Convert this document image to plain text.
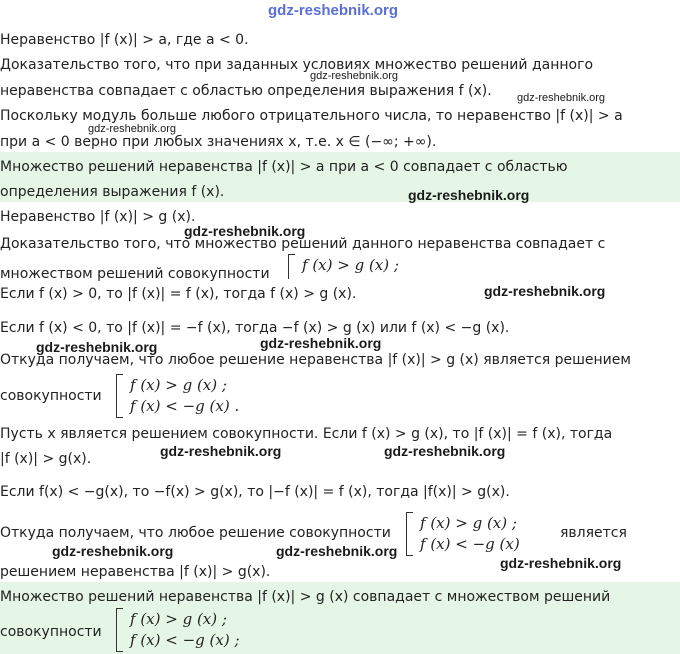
gdz-reshebnik.org
Неравенство |f (x)| > a, где a < 0.
Доказательство того, что при заданных условиях множество решений данного
неравенства совпадает с областью определения выражения f (x).
Поскольку модуль больше любого отрицательного числа, то неравенство |f (x)| > a
при a < 0 верно при любых значениях x, т.е. x ∈ (−∞; +∞).
Множество решений неравенства |f (x)| > a при a < 0 совпадает с областью
определения выражения f (x).
Неравенство |f (x)| > g (x).
Доказательство того, что множество решений данного неравенства совпадает с
множеством решений совокупности f (x) > g (x) ;
Если f (x) > 0, то |f (x)| = f (x), тогда f (x) > g (x).
Если f (x) < 0, то |f (x)| = −f (x), тогда −f (x) > g (x) или f (x) < −g (x).
Откуда получаем, что любое решение неравенства |f (x)| > g (x) является решением
совокупности
f (x) > g (x) ;
f (x) < −g (x) .
Пусть x является решением совокупности. Если f (x) > g (x), то |f (x)| = f (x), тогда
|f (x)| > g(x).
Если f(x) < −g(x), то −f(x) > g(x), то |−f (x)| = f (x), тогда |f(x)| > g(x).
Откуда получаем, что любое решение совокупности
f (x) > g (x) ;
f (x) < −g (x)
является
решением неравенства |f (x)| > g(x).
Множество решений неравенства |f (x)| > g (x) совпадает с множеством решений
совокупности
f (x) > g (x) ;
f (x) < −g (x) ;
gdz-reshebnik.org
gdz-reshebnik.org
gdz-reshebnik.org
gdz-reshebnik.org
gdz-reshebnik.org
gdz-reshebnik.org
gdz-reshebnik.org	gdz-reshebnik.org
gdz-reshebnik.org	gdz-reshebnik.org
gdz-reshebnik.org	gdz-reshebnik.org
gdz-reshebnik.org
